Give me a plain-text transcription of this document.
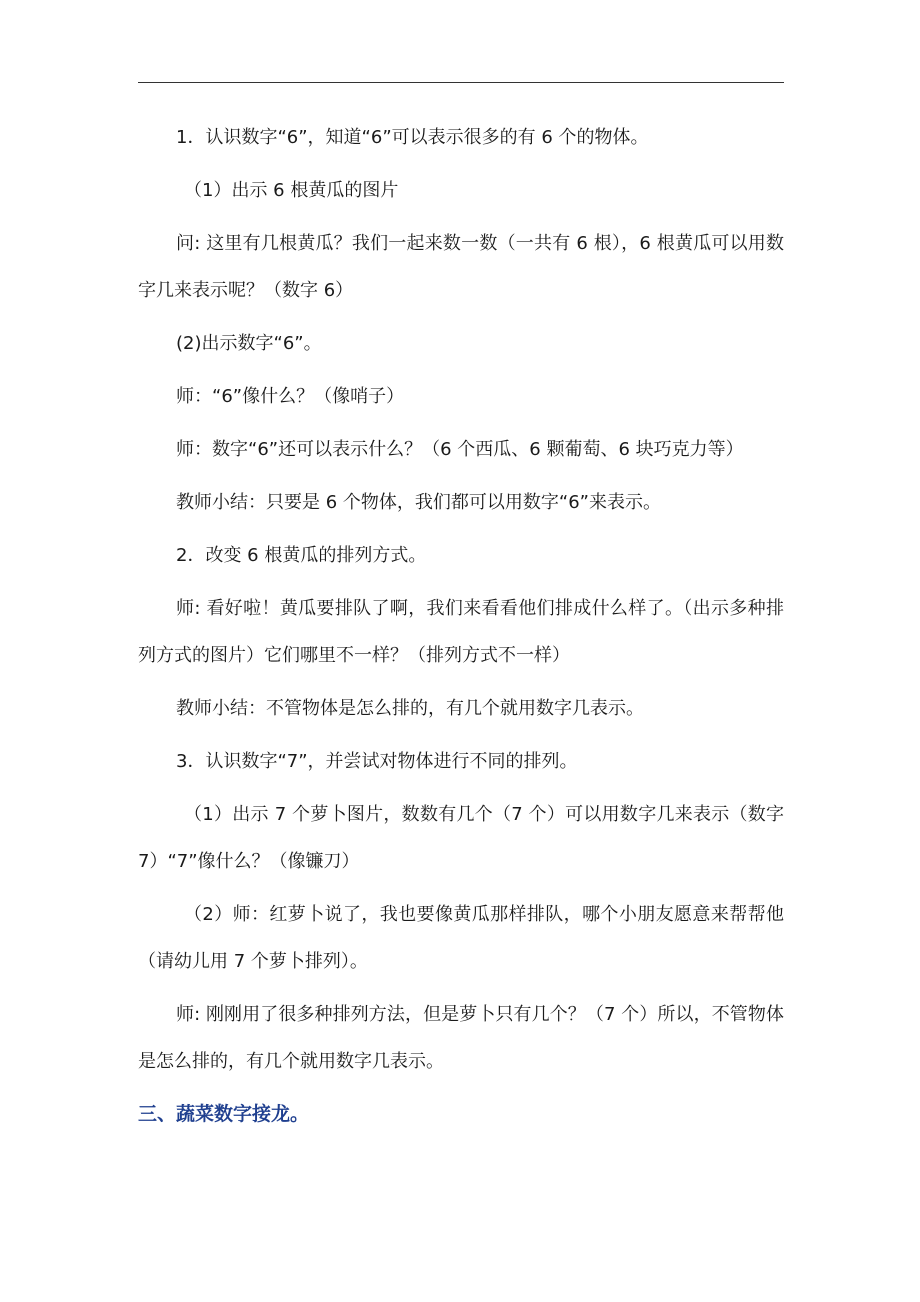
1．认识数字“6”，知道“6”可以表示很多的有 6 个的物体。

（1）出示 6 根黄瓜的图片

问: 这里有几根黄瓜？我们一起来数一数（一共有 6 根），6 根黄瓜可以用数字几来表示呢？（数字 6）

(2)出示数字“6”。

师：“6”像什么？（像哨子）

师：数字“6”还可以表示什么？（6 个西瓜、6 颗葡萄、6 块巧克力等）

教师小结：只要是 6 个物体，我们都可以用数字“6”来表示。

2．改变 6 根黄瓜的排列方式。

师: 看好啦！黄瓜要排队了啊，我们来看看他们排成什么样了。（出示多种排列方式的图片）它们哪里不一样？（排列方式不一样）

教师小结：不管物体是怎么排的，有几个就用数字几表示。

3．认识数字“7”，并尝试对物体进行不同的排列。

（1）出示 7 个萝卜图片，数数有几个（7 个）可以用数字几来表示（数字 7）“7”像什么？（像镰刀）

（2）师：红萝卜说了，我也要像黄瓜那样排队，哪个小朋友愿意来帮帮他（请幼儿用 7 个萝卜排列）。

师: 刚刚用了很多种排列方法，但是萝卜只有几个？（7 个）所以，不管物体是怎么排的，有几个就用数字几表示。

三、蔬菜数字接龙。
